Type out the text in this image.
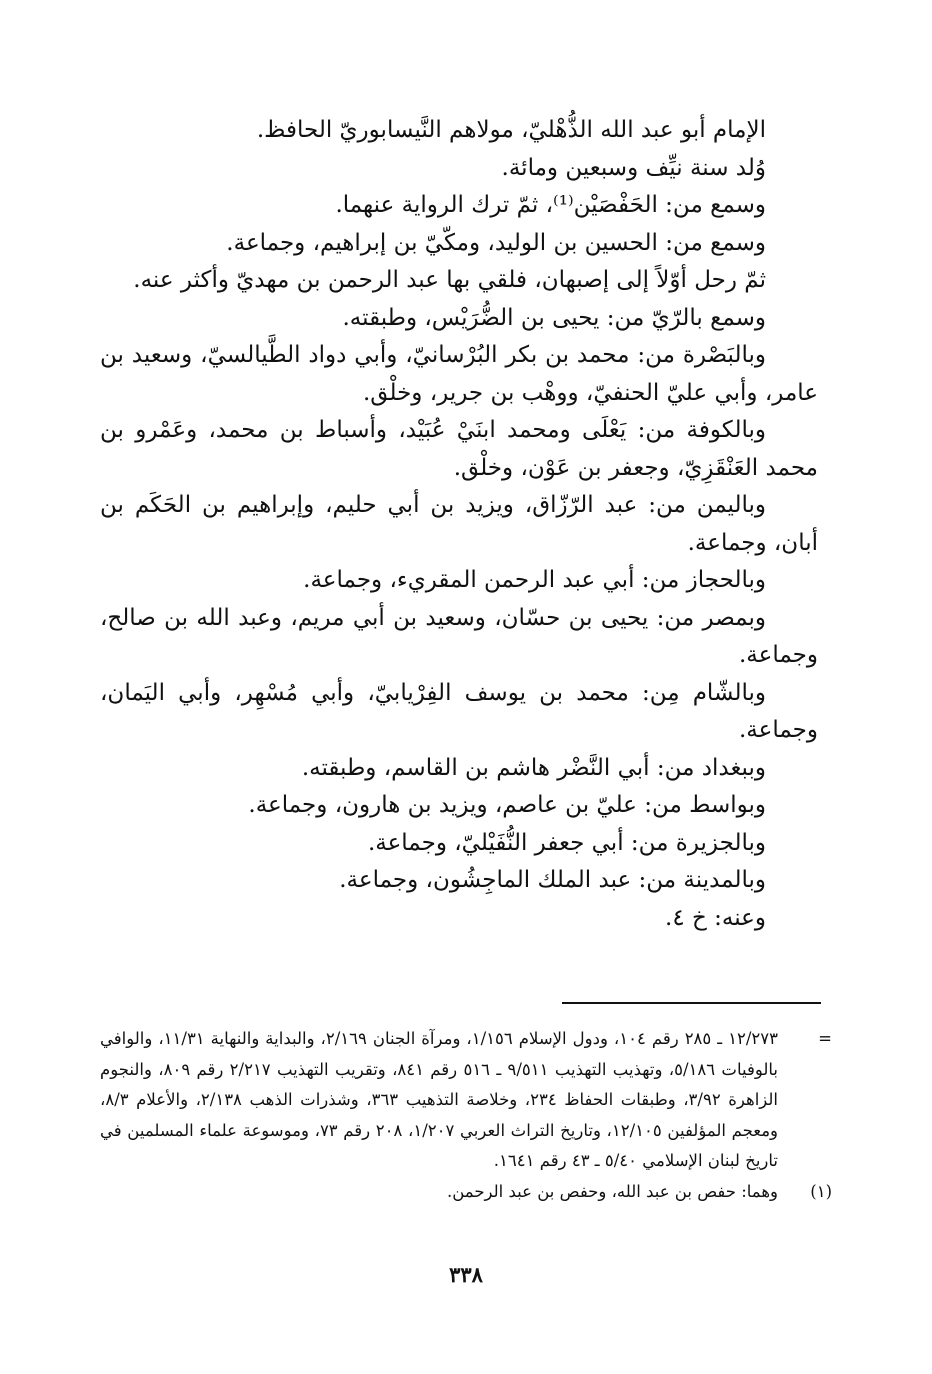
الإمام أبو عبد الله الذُّهْليّ، مولاهم النَّيسابوريّ الحافظ.

وُلد سنة نيِّف وسبعين ومائة.

وسمع من: الحَفْصَيْن⁽¹⁾، ثمّ ترك الرواية عنهما.

وسمع من: الحسين بن الوليد، ومكّيّ بن إبراهيم، وجماعة.

ثمّ رحل أوّلاً إلى إصبهان، فلقي بها عبد الرحمن بن مهديّ وأكثر عنه.

وسمع بالرّيّ من: يحيى بن الضُّرَيْس، وطبقته.

وبالبَصْرة من: محمد بن بكر البُرْسانيّ، وأبي دواد الطَّيالسيّ، وسعيد بن عامر، وأبي عليّ الحنفيّ، ووهْب بن جرير، وخلْق.

وبالكوفة من: يَعْلَى ومحمد ابنَيْ عُبَيْد، وأسباط بن محمد، وعَمْرو بن محمد العَنْقَزِيّ، وجعفر بن عَوْن، وخلْق.

وباليمن من: عبد الرّزّاق، ويزيد بن أبي حليم، وإبراهيم بن الحَكَم بن أبان، وجماعة.

وبالحجاز من: أبي عبد الرحمن المقريء، وجماعة.

وبمصر من: يحيى بن حسّان، وسعيد بن أبي مريم، وعبد الله بن صالح، وجماعة.

وبالشّام مِن: محمد بن يوسف الفِرْيابيّ، وأبي مُسْهِر، وأبي اليَمان، وجماعة.

وببغداد من: أبي النَّضْر هاشم بن القاسم، وطبقته.

وبواسط من: عليّ بن عاصم، ويزيد بن هارون، وجماعة.

وبالجزيرة من: أبي جعفر النُّفَيْليّ، وجماعة.

وبالمدينة من: عبد الملك الماجِشُون، وجماعة.

وعنه: خ ٤.

=
١٢/٢٧٣ ـ ٢٨٥ رقم ١٠٤، ودول الإسلام ١/١٥٦، ومرآة الجنان ٢/١٦٩، والبداية والنهاية ١١/٣١، والوافي بالوفيات ٥/١٨٦، وتهذيب التهذيب ٩/٥١١ ـ ٥١٦ رقم ٨٤١، وتقريب التهذيب ٢/٢١٧ رقم ٨٠٩، والنجوم الزاهرة ٣/٩٢، وطبقات الحفاظ ٢٣٤، وخلاصة التذهيب ٣٦٣، وشذرات الذهب ٢/١٣٨، والأعلام ٨/٣، ومعجم المؤلفين ١٢/١٠٥، وتاريخ التراث العربي ١/٢٠٧، ٢٠٨ رقم ٧٣، وموسوعة علماء المسلمين في تاريخ لبنان الإسلامي ٥/٤٠ ـ ٤٣ رقم ١٦٤١.
(١)
وهما: حفص بن عبد الله، وحفص بن عبد الرحمن.
٣٣٨
